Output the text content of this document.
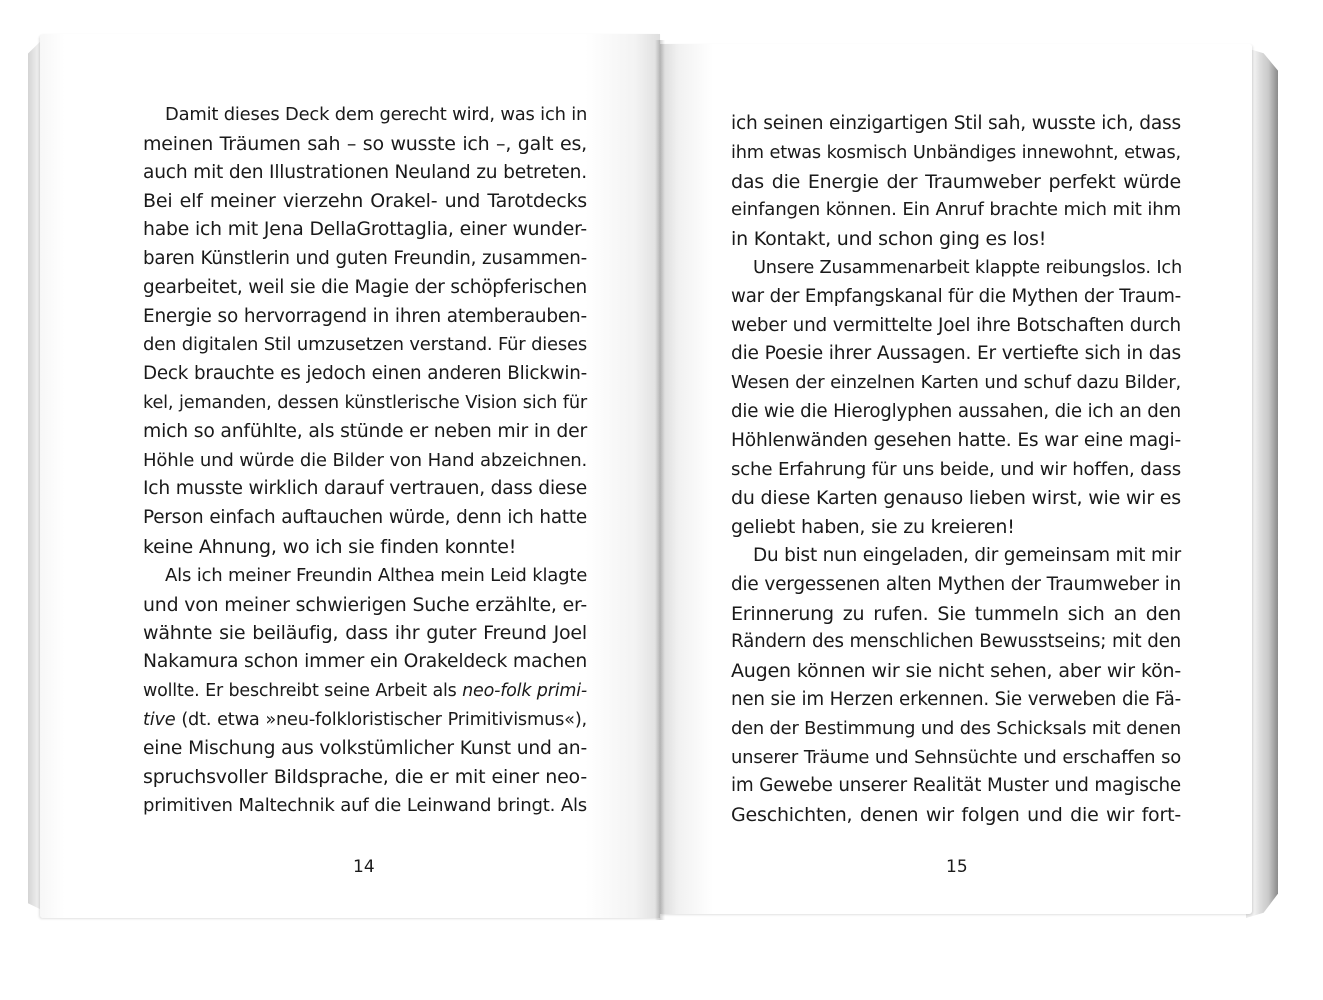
Damit dieses Deck dem gerecht wird, was ich in
meinen Träumen sah – so wusste ich –, galt es,
auch mit den Illustrationen Neuland zu betreten.
Bei elf meiner vierzehn Orakel- und Tarotdecks
habe ich mit Jena DellaGrottaglia, einer wunder-
baren Künstlerin und guten Freundin, zusammen-
gearbeitet, weil sie die Magie der schöpferischen
Energie so hervorragend in ihren atemberauben-
den digitalen Stil umzusetzen verstand. Für dieses
Deck brauchte es jedoch einen anderen Blickwin-
kel, jemanden, dessen künstlerische Vision sich für
mich so anfühlte, als stünde er neben mir in der
Höhle und würde die Bilder von Hand abzeichnen.
Ich musste wirklich darauf vertrauen, dass diese
Person einfach auftauchen würde, denn ich hatte
keine Ahnung, wo ich sie finden konnte!
Als ich meiner Freundin Althea mein Leid klagte
und von meiner schwierigen Suche erzählte, er-
wähnte sie beiläufig, dass ihr guter Freund Joel
Nakamura schon immer ein Orakeldeck machen
wollte. Er beschreibt seine Arbeit als neo-folk primi-
tive (dt. etwa »neu-folkloristischer Primitivismus«),
eine Mischung aus volkstümlicher Kunst und an-
spruchsvoller Bildsprache, die er mit einer neo-
primitiven Maltechnik auf die Leinwand bringt. Als
ich seinen einzigartigen Stil sah, wusste ich, dass
ihm etwas kosmisch Unbändiges innewohnt, etwas,
das die Energie der Traumweber perfekt würde
einfangen können. Ein Anruf brachte mich mit ihm
in Kontakt, und schon ging es los!
Unsere Zusammenarbeit klappte reibungslos. Ich
war der Empfangskanal für die Mythen der Traum-
weber und vermittelte Joel ihre Botschaften durch
die Poesie ihrer Aussagen. Er vertiefte sich in das
Wesen der einzelnen Karten und schuf dazu Bilder,
die wie die Hieroglyphen aussahen, die ich an den
Höhlenwänden gesehen hatte. Es war eine magi-
sche Erfahrung für uns beide, und wir hoffen, dass
du diese Karten genauso lieben wirst, wie wir es
geliebt haben, sie zu kreieren!
Du bist nun eingeladen, dir gemeinsam mit mir
die vergessenen alten Mythen der Traumweber in
Erinnerung zu rufen. Sie tummeln sich an den
Rändern des menschlichen Bewusstseins; mit den
Augen können wir sie nicht sehen, aber wir kön-
nen sie im Herzen erkennen. Sie verweben die Fä-
den der Bestimmung und des Schicksals mit denen
unserer Träume und Sehnsüchte und erschaffen so
im Gewebe unserer Realität Muster und magische
Geschichten, denen wir folgen und die wir fort-
14	15
